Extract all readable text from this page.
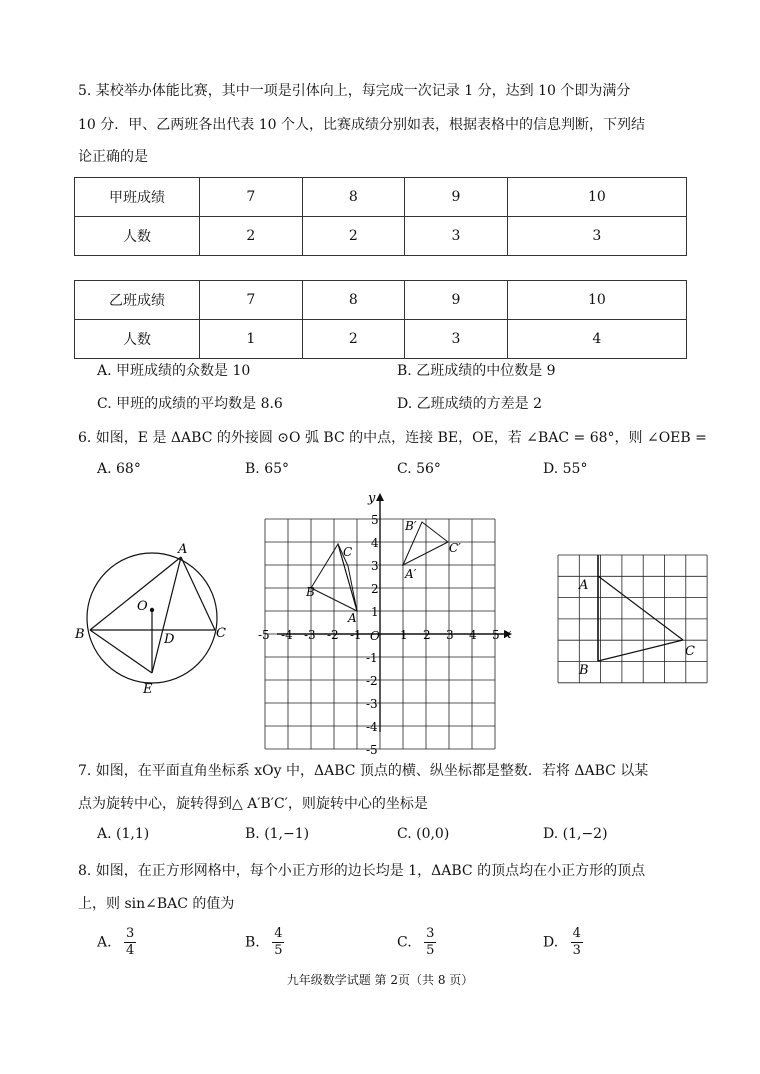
5. 某校举办体能比赛，其中一项是引体向上，每完成一次记录 1 分，达到 10 个即为满分
10 分．甲、乙两班各出代表 10 个人，比赛成绩分别如表，根据表格中的信息判断，下列结
论正确的是
甲班成绩	7	8	9	10
人数	2	2	3	3
乙班成绩	7	8	9	10
人数	1	2	3	4
A. 甲班成绩的众数是 10	B. 乙班成绩的中位数是 9
C. 甲班的成绩的平均数是 8.6	D. 乙班成绩的方差是 2
6. 如图，E 是 ΔABC 的外接圆 ⊙O 弧 BC 的中点，连接 BE，OE，若 ∠BAC = 68°，则 ∠OEB =
A. 68°	B. 65°	C. 56°	D. 55°
A
B	C
D
E
O
x
y
O
-5 -4 -3 -2 -1	1 2 3 4 5
5
4
3
2
1
-1
-2
-3
-4
-5
A
B
C
A′
B′
C′
A
B
C
7. 如图，在平面直角坐标系 xOy 中，ΔABC 顶点的横、纵坐标都是整数．若将 ΔABC 以某
点为旋转中心，旋转得到△ A′B′C′，则旋转中心的坐标是
A. (1,1)	B. (1,−1)	C. (0,0)	D. (1,−2)
8. 如图，在正方形网格中，每个小正方形的边长均是 1，ΔABC 的顶点均在小正方形的顶点
上，则 sin∠BAC 的值为
A. $\frac{3}{4}$	B. $\frac{4}{5}$	C. $\frac{3}{5}$	D. $\frac{4}{3}$
九年级数学试题 第 2页（共 8 页）
